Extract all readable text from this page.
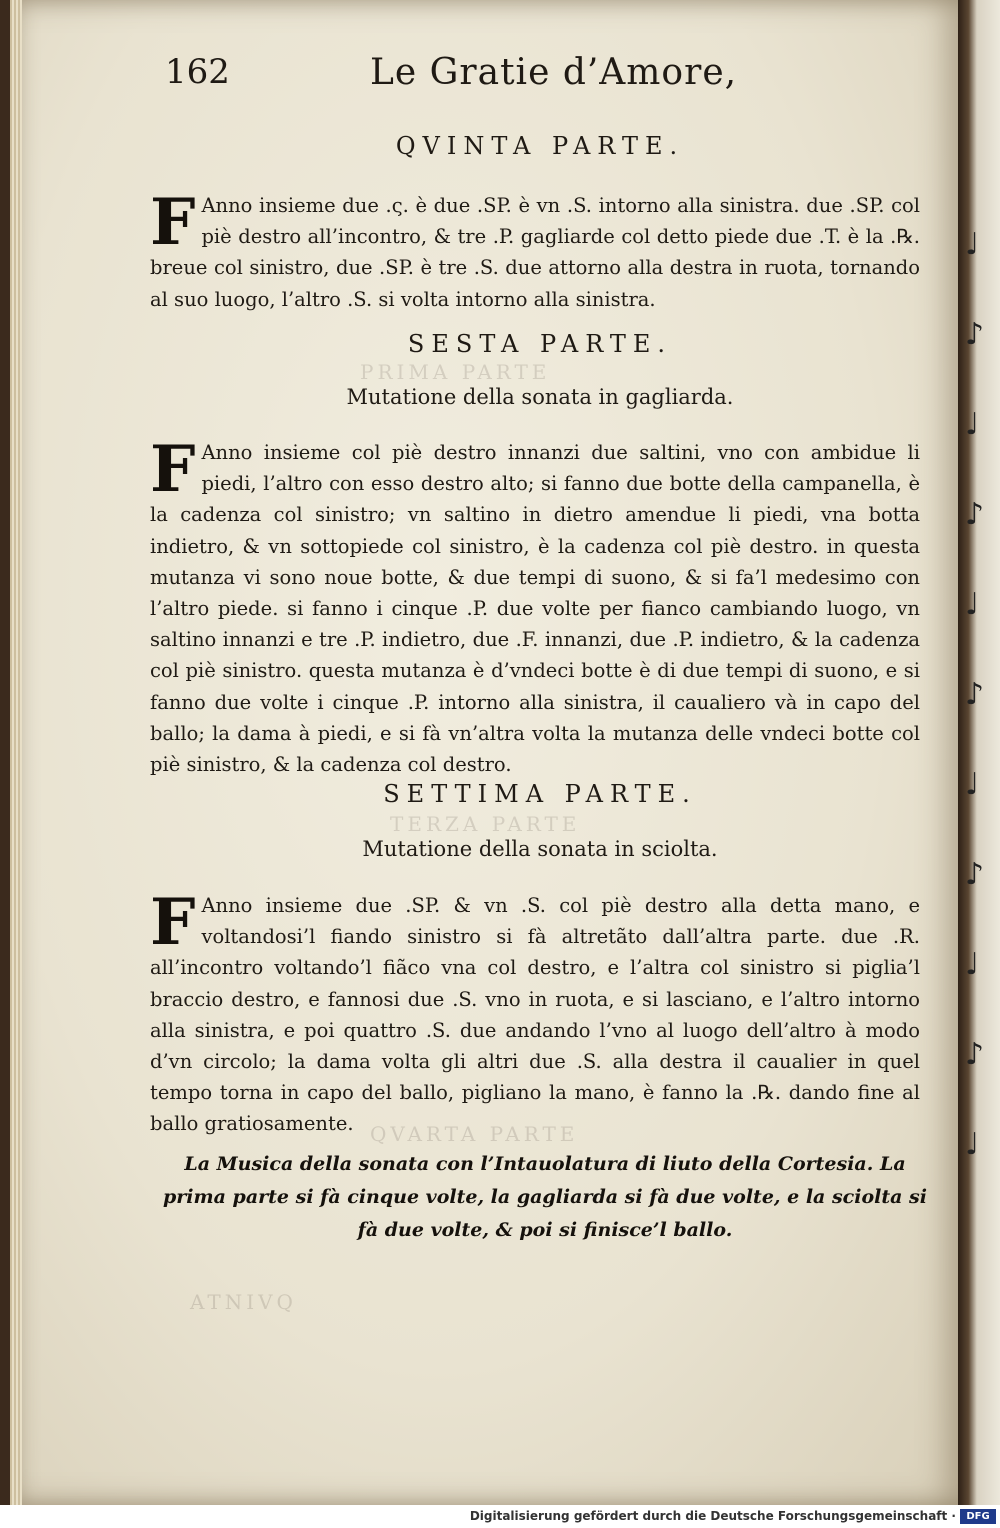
PRIMA PARTE
TERZA PARTE
QVARTA PARTE
ATNIVQ
162	Le Gratie d’Amore,
QVINTA PARTE.
F Anno insieme due .ς. è due .SP. è vn .S. intorno alla sinistra. due .SP. col piè destro all’incontro, & tre .P. gagliarde col detto piede due .T. è la .℞. breue col sinistro, due .SP. è tre .S. due attorno alla destra in ruota, tornando al suo luogo, l’altro .S. si volta intorno alla sinistra.
SESTA PARTE.
Mutatione della sonata in gagliarda.
F Anno insieme col piè destro innanzi due saltini, vno con ambidue li piedi, l’altro con esso destro alto; si fanno due botte della campanella, è la cadenza col sinistro; vn saltino in dietro amendue li piedi, vna botta indietro, & vn sottopiede col sinistro, è la cadenza col piè destro. in questa mutanza vi sono noue botte, & due tempi di suono, & si fa’l medesimo con l’altro piede. si fanno i cinque .P. due volte per fianco cambiando luogo, vn saltino innanzi e tre .P. indietro, due .F. innanzi, due .P. indietro, & la cadenza col piè sinistro. questa mutanza è d’vndeci botte è di due tempi di suono, e si fanno due volte i cinque .P. intorno alla sinistra, il caualiero và in capo del ballo; la dama à piedi, e si fà vn’altra volta la mutanza delle vndeci botte col piè sinistro, & la cadenza col destro.
SETTIMA PARTE.
Mutatione della sonata in sciolta.
F Anno insieme due .SP. & vn .S. col piè destro alla detta mano, e voltandosi’l fiando sinistro si fà altretãto dall’altra parte. due .R. all’incontro voltando’l fiãco vna col destro, e l’altra col sinistro si piglia’l braccio destro, e fannosi due .S. vno in ruota, e si lasciano, e l’altro intorno alla sinistra, e poi quattro .S. due andando l’vno al luogo dell’altro à modo d’vn circolo; la dama volta gli altri due .S. alla destra il caualier in quel tempo torna in capo del ballo, pigliano la mano, è fanno la .℞. dando fine al ballo gratiosamente.
La Musica della sonata con l’Intauolatura di liuto della Cortesia. La prima parte si fà cinque volte, la gagliarda si fà due volte, e la sciolta si fà due volte, & poi si finisce’l ballo.
♩
♪
♩
♪
♩
♪
♩
♪
♩
♪
♩
Digitalisierung gefördert durch die Deutsche Forschungsgemeinschaft ·	DFG
